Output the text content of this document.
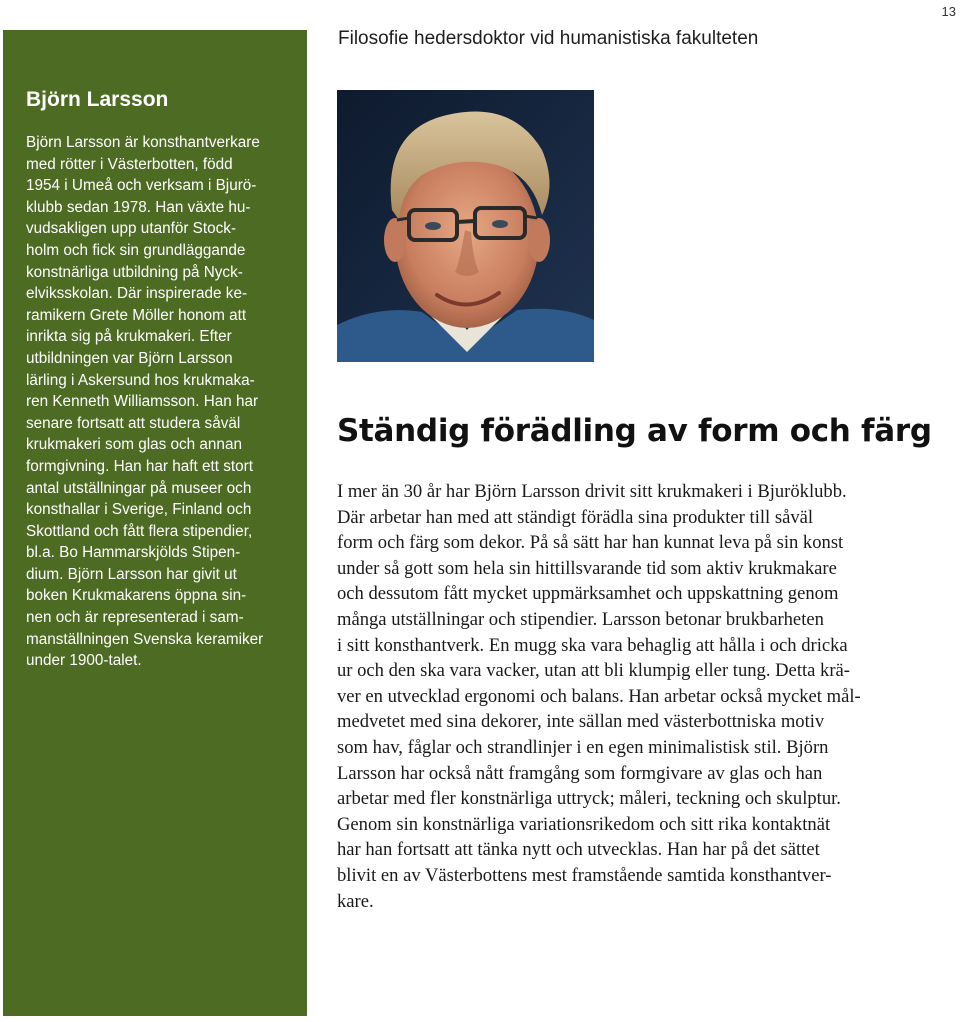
13
Björn Larsson

Björn Larsson är konsthantverkare
med rötter i Västerbotten, född
1954 i Umeå och verksam i Bjurö-
klubb sedan 1978. Han växte hu-
vudsakligen upp utanför Stock-
holm och fick sin grundläggande
konstnärliga utbildning på Nyck-
elviksskolan. Där inspirerade ke-
ramikern Grete Möller honom att
inrikta sig på krukmakeri. Efter
utbildningen var Björn Larsson
lärling i Askersund hos krukmaka-
ren Kenneth Williamsson. Han har
senare fortsatt att studera såväl
krukmakeri som glas och annan
formgivning. Han har haft ett stort
antal utställningar på museer och
konsthallar i Sverige, Finland och
Skottland och fått flera stipendier,
bl.a. Bo Hammarskjölds Stipen-
dium. Björn Larsson har givit ut
boken Krukmakarens öppna sin-
nen och är representerad i sam-
manställningen Svenska keramiker
under 1900-talet.

Filosofie hedersdoktor vid humanistiska fakulteten
Ständig förädling av form och färg

I mer än 30 år har Björn Larsson drivit sitt krukmakeri i Bjuröklubb.
Där arbetar han med att ständigt förädla sina produkter till såväl
form och färg som dekor. På så sätt har han kunnat leva på sin konst
under så gott som hela sin hittillsvarande tid som aktiv krukmakare
och dessutom fått mycket uppmärksamhet och uppskattning genom
många utställningar och stipendier. Larsson betonar brukbarheten
i sitt konsthantverk. En mugg ska vara behaglig att hålla i och dricka
ur och den ska vara vacker, utan att bli klumpig eller tung. Detta krä-
ver en utvecklad ergonomi och balans. Han arbetar också mycket mål-
medvetet med sina dekorer, inte sällan med västerbottniska motiv
som hav, fåglar och strandlinjer i en egen minimalistisk stil. Björn
Larsson har också nått framgång som formgivare av glas och han
arbetar med fler konstnärliga uttryck; måleri, teckning och skulptur.
Genom sin konstnärliga variationsrikedom och sitt rika kontaktnät
har han fortsatt att tänka nytt och utvecklas. Han har på det sättet
blivit en av Västerbottens mest framstående samtida konsthantver-
kare.
